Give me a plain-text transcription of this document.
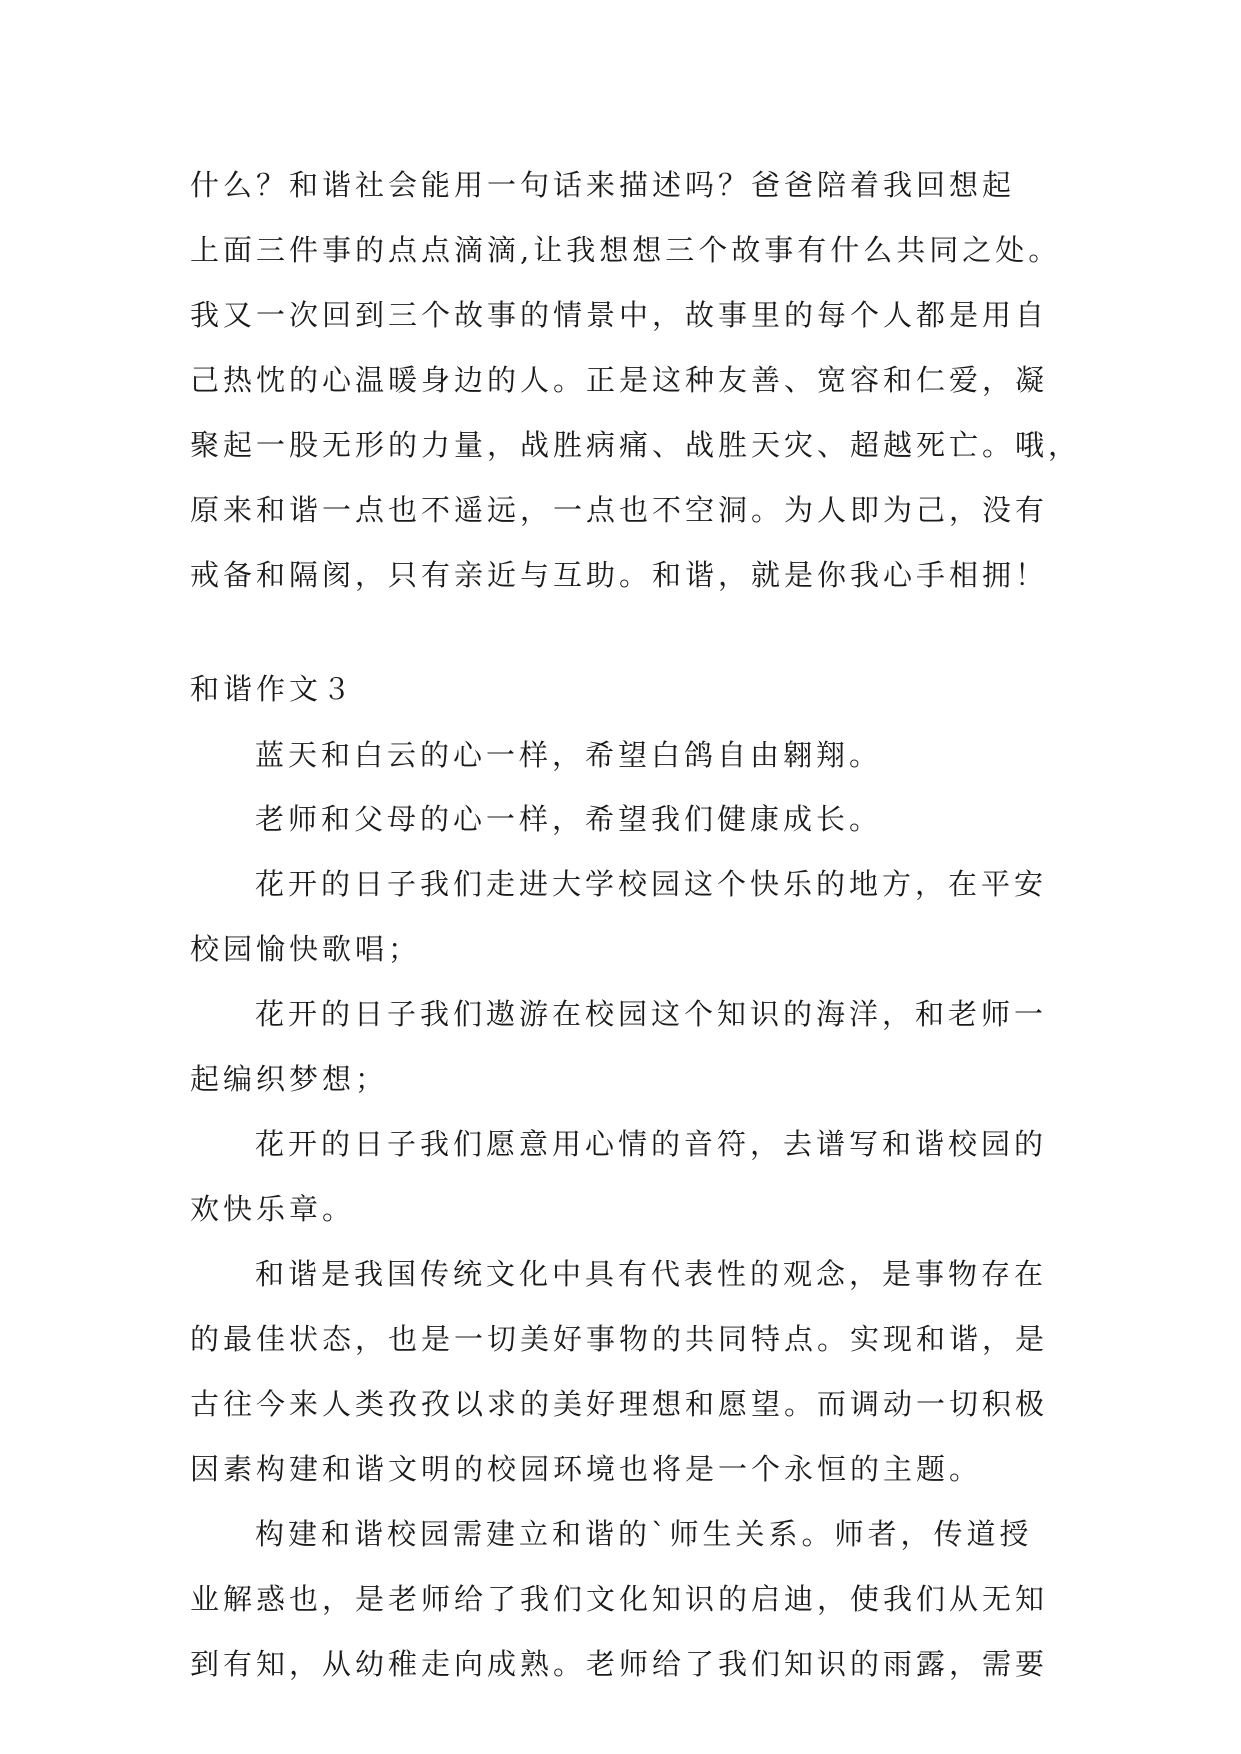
什么？和谐社会能用一句话来描述吗？爸爸陪着我回想起
上面三件事的点点滴滴,让我想想三个故事有什么共同之处。
我又一次回到三个故事的情景中，故事里的每个人都是用自
己热忱的心温暖身边的人。正是这种友善、宽容和仁爱，凝
聚起一股无形的力量，战胜病痛、战胜天灾、超越死亡。哦，
原来和谐一点也不遥远，一点也不空洞。为人即为己，没有
戒备和隔阂，只有亲近与互助。和谐，就是你我心手相拥！
和谐作文３
蓝天和白云的心一样，希望白鸽自由翱翔。
老师和父母的心一样，希望我们健康成长。
花开的日子我们走进大学校园这个快乐的地方，在平安
校园愉快歌唱；
花开的日子我们遨游在校园这个知识的海洋，和老师一
起编织梦想；
花开的日子我们愿意用心情的音符，去谱写和谐校园的
欢快乐章。
和谐是我国传统文化中具有代表性的观念，是事物存在
的最佳状态，也是一切美好事物的共同特点。实现和谐，是
古往今来人类孜孜以求的美好理想和愿望。而调动一切积极
因素构建和谐文明的校园环境也将是一个永恒的主题。
构建和谐校园需建立和谐的`师生关系。师者，传道授
业解惑也，是老师给了我们文化知识的启迪，使我们从无知
到有知，从幼稚走向成熟。老师给了我们知识的雨露，需要
